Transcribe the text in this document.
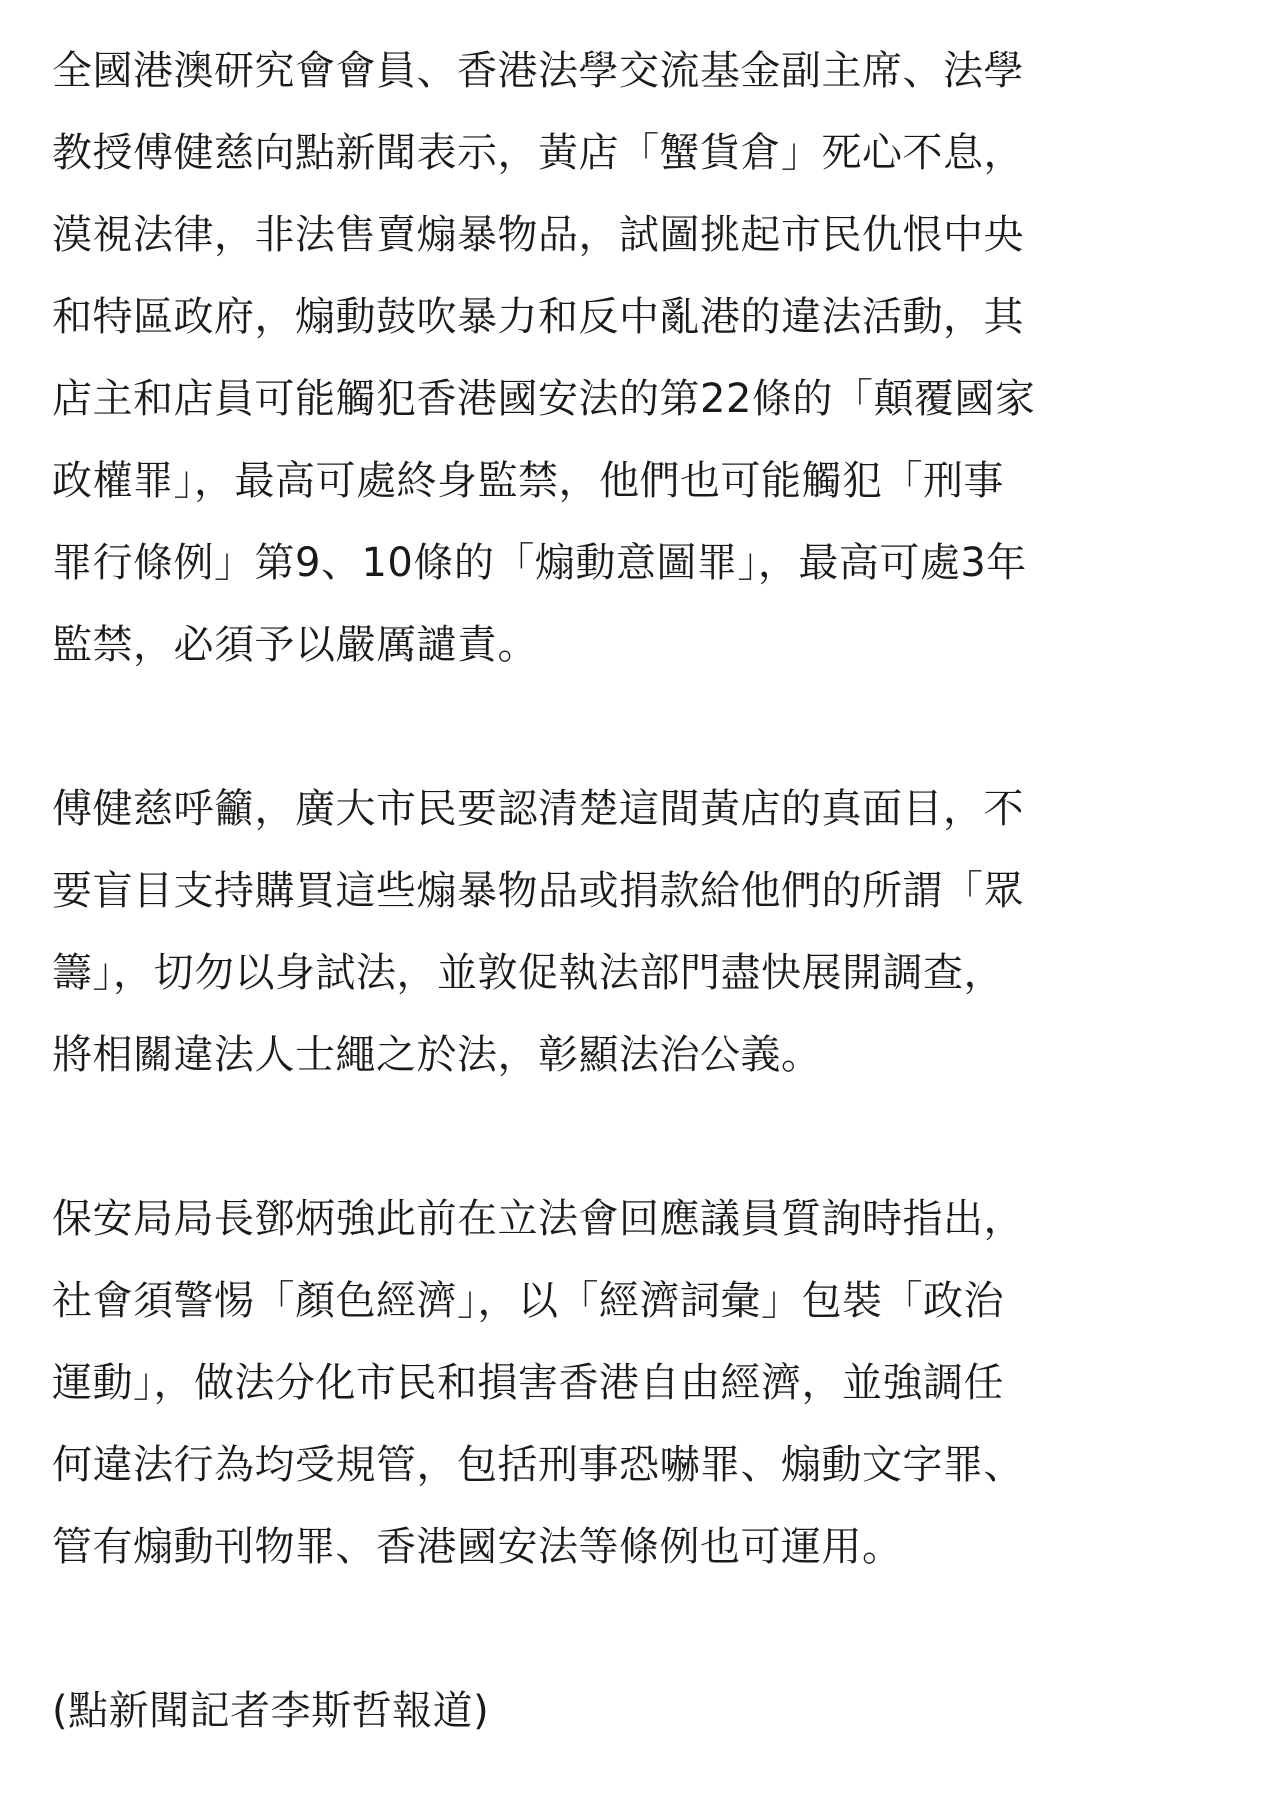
全國港澳研究會會員、香港法學交流基金副主席、法學
教授傅健慈向點新聞表示，黃店「蟹貨倉」死心不息，
漠視法律，非法售賣煽暴物品，試圖挑起市民仇恨中央
和特區政府，煽動鼓吹暴力和反中亂港的違法活動，其
店主和店員可能觸犯香港國安法的第22條的「顛覆國家
政權罪」，最高可處終身監禁，他們也可能觸犯「刑事
罪行條例」第9、10條的「煽動意圖罪」，最高可處3年
監禁，必須予以嚴厲譴責。

傅健慈呼籲，廣大市民要認清楚這間黃店的真面目，不
要盲目支持購買這些煽暴物品或捐款給他們的所謂「眾
籌」，切勿以身試法，並敦促執法部門盡快展開調查，
將相關違法人士繩之於法，彰顯法治公義。

保安局局長鄧炳強此前在立法會回應議員質詢時指出，
社會須警惕「顏色經濟」，以「經濟詞彙」包裝「政治
運動」，做法分化市民和損害香港自由經濟，並強調任
何違法行為均受規管，包括刑事恐嚇罪、煽動文字罪、
管有煽動刊物罪、香港國安法等條例也可運用。

(點新聞記者李斯哲報道)
